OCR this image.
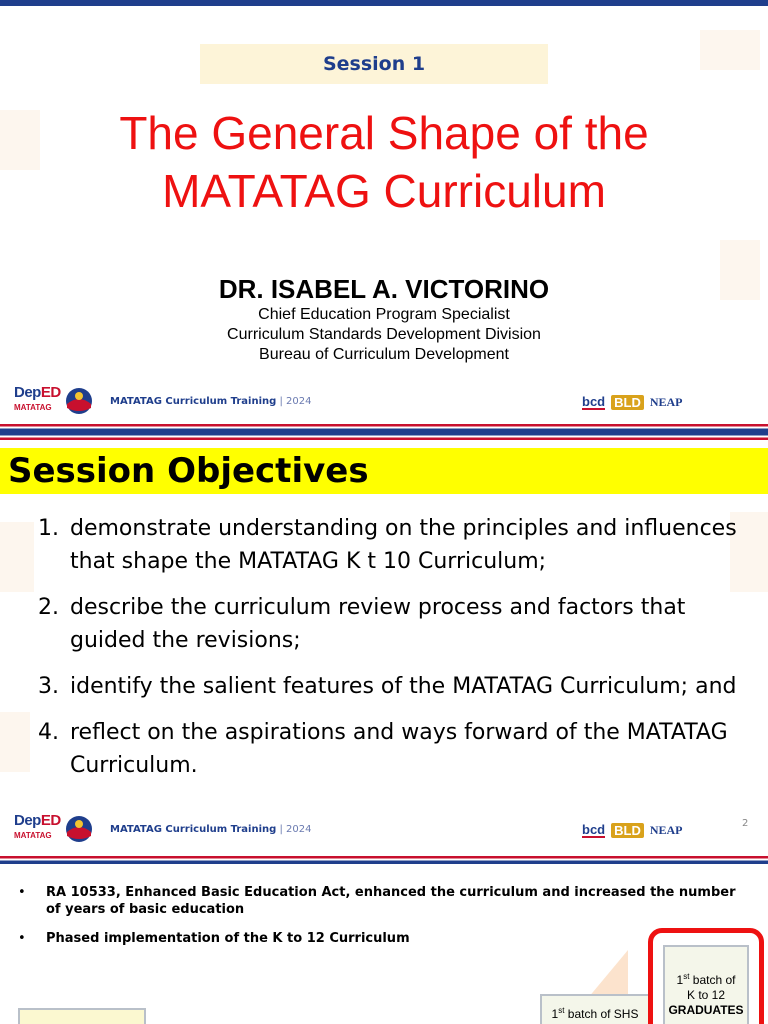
Session 1
The General Shape of the
MATATAG Curriculum
DR. ISABEL A. VICTORINO
Chief Education Program Specialist
Curriculum Standards Development Division
Bureau of Curriculum Development
DepED
MATATAG
MATATAG Curriculum Training | 2024	bcd BLD NEAP
Session Objectives
1. demonstrate understanding on the principles and influences that shape the MATATAG K t 10 Curriculum;
2. describe the curriculum review process and factors that guided the revisions;
3. identify the salient features of the MATATAG Curriculum; and
4. reflect on the aspirations and ways forward of the MATATAG Curriculum.
DepED
MATATAG
MATATAG Curriculum Training | 2024	bcd BLD NEAP	2
• RA 10533, Enhanced Basic Education Act, enhanced the curriculum and increased the number of years of basic education
• Phased implementation of the K to 12 Curriculum
1st batch of SHS
1st batch of
K to 12
GRADUATES
